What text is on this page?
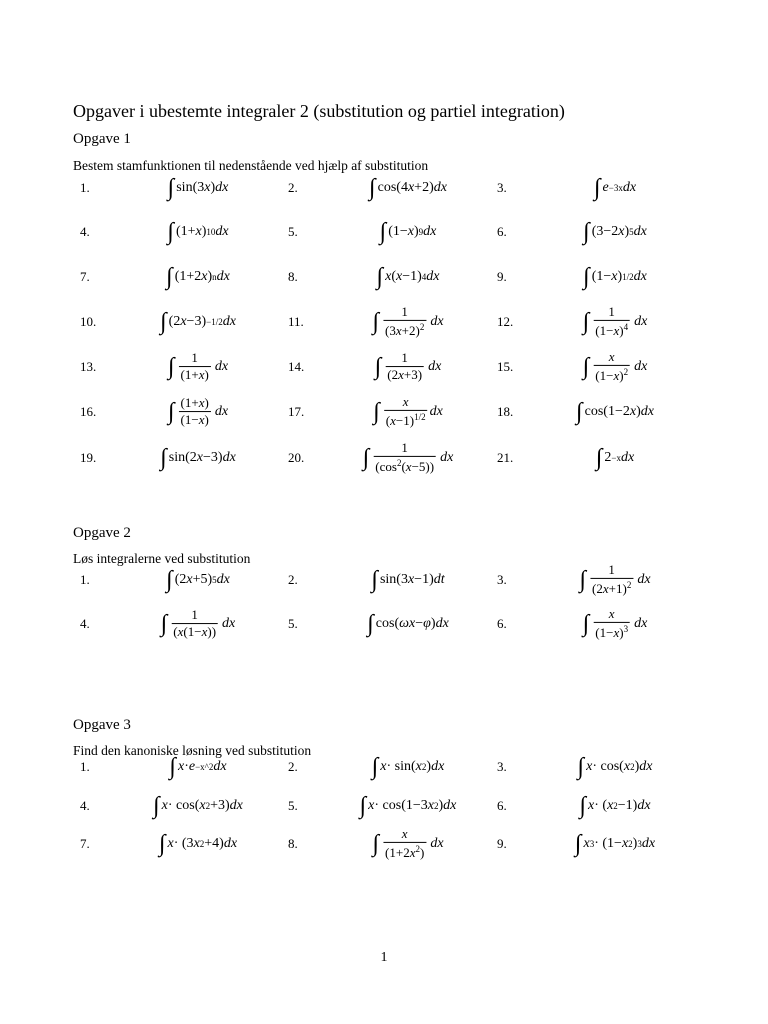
Opgaver i ubestemte integraler 2 (substitution og partiel integration)
Opgave 1
Bestem stamfunktionen til nedenstående ved hjælp af substitution
Opgave 2
Løs integralerne ved substitution
Opgave 3
Find den kanoniske løsning ved substitution
1.	∫ sin(3 x ) dx	2.	∫ cos(4 x +2) dx	3.	∫ e −3x dx
4.	∫ (1+ x ) 10 dx	5.	∫ (1− x ) 9 dx	6.	∫ (3−2 x ) 5 dx
7.	∫ (1+2 x ) n dx	8.	∫ x ( x −1) 4 dx	9.	∫ (1− x ) 1/2 dx
10.	∫ (2 x −3) −1/2 dx	11.	∫ $\frac{1}{(3x+2)^2}$ dx	12.	∫ $\frac{1}{(1-x)^4}$ dx
13.	∫ $\frac{1}{(1+x)}$ dx	14.	∫ $\frac{1}{(2x+3)}$ dx	15.	∫ $\frac{x}{(1-x)^2}$ dx
16.	∫ $\frac{(1+x)}{(1-x)}$ dx	17.	∫ $\frac{x}{(x-1)^{1/2}}$ dx	18.	∫ cos(1−2 x ) dx
19.	∫ sin(2 x −3) dx	20. ∫ $\frac{1}{(\cos^2(x-5))}$ dx	21.	∫ 2 −x dx
1.	∫ (2 x +5) 5 dx	2.	∫ sin(3 x −1) dt	3.	∫ $\frac{1}{(2x+1)^2}$ dx
4.	∫ $\frac{1}{(x(1-x))}$ dx	5.	∫ cos( ω x − φ ) dx	6.	∫ $\frac{x}{(1-x)^3}$ dx
1.	∫ x · e −x^2 dx	2.	∫ x · sin( x 2 ) dx	3.	∫ x · cos( x 2 ) dx
4.	∫ x · cos( x 2 +3) dx	5.	∫ x · cos(1−3 x 2 ) dx	6.	∫ x · ( x 2 −1) dx
7.	∫ x · (3 x 2 +4) dx	8.	∫ $\frac{x}{(1+2x^2)}$ dx	9.	∫ x 3 · (1− x 2 ) 3 dx
1
